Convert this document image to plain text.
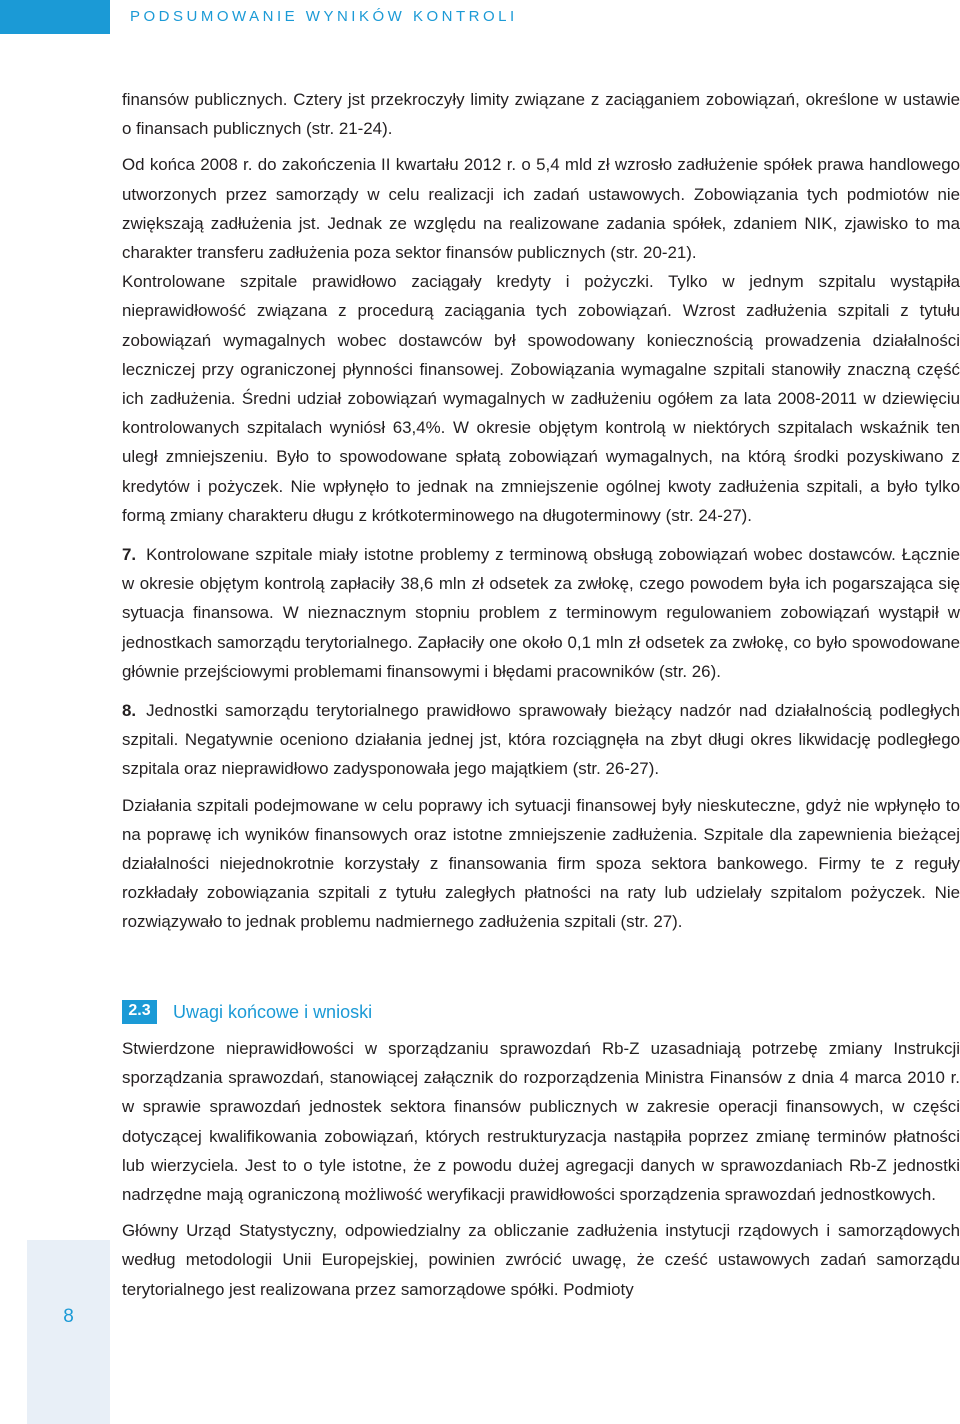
PODSUMOWANIE WYNIKÓW KONTROLI

finansów publicznych. Cztery jst przekroczyły limity związane z zaciąganiem zobowiązań, określone w ustawie o finansach publicznych (str. 21-24).

Od końca 2008 r. do zakończenia II kwartału 2012 r. o 5,4 mld zł wzrosło zadłużenie spółek prawa handlowego utworzonych przez samorządy w celu realizacji ich zadań ustawowych. Zobowiązania tych podmiotów nie zwiększają zadłużenia jst. Jednak ze względu na realizowane zadania spółek, zdaniem NIK, zjawisko to ma charakter transferu zadłużenia poza sektor finansów publicznych (str. 20-21).

Kontrolowane szpitale prawidłowo zaciągały kredyty i pożyczki. Tylko w jednym szpitalu wystąpiła nieprawidłowość związana z procedurą zaciągania tych zobowiązań. Wzrost zadłużenia szpitali z tytułu zobowiązań wymagalnych wobec dostawców był spowodowany koniecznością prowadzenia działalności leczniczej przy ograniczonej płynności finansowej. Zobowiązania wymagalne szpitali stanowiły znaczną część ich zadłużenia. Średni udział zobowiązań wymagalnych w zadłużeniu ogółem za lata 2008-2011 w dziewięciu kontrolowanych szpitalach wyniósł 63,4%. W okresie objętym kontrolą w niektórych szpitalach wskaźnik ten uległ zmniejszeniu. Było to spowodowane spłatą zobowiązań wymagalnych, na którą środki pozyskiwano z kredytów i pożyczek. Nie wpłynęło to jednak na zmniejszenie ogólnej kwoty zadłużenia szpitali, a było tylko formą zmiany charakteru długu z krótkoterminowego na długoterminowy (str. 24-27).

7. Kontrolowane szpitale miały istotne problemy z terminową obsługą zobowiązań wobec dostawców. Łącznie w okresie objętym kontrolą zapłaciły 38,6 mln zł odsetek za zwłokę, czego powodem była ich pogarszająca się sytuacja finansowa. W nieznacznym stopniu problem z terminowym regulowaniem zobowiązań wystąpił w jednostkach samorządu terytorialnego. Zapłaciły one około 0,1 mln zł odsetek za zwłokę, co było spowodowane głównie przejściowymi problemami finansowymi i błędami pracowników (str. 26).

8. Jednostki samorządu terytorialnego prawidłowo sprawowały bieżący nadzór nad działalnością podległych szpitali. Negatywnie oceniono działania jednej jst, która rozciągnęła na zbyt długi okres likwidację podległego szpitala oraz nieprawidłowo zadysponowała jego majątkiem (str. 26-27).

Działania szpitali podejmowane w celu poprawy ich sytuacji finansowej były nieskuteczne, gdyż nie wpłynęło to na poprawę ich wyników finansowych oraz istotne zmniejszenie zadłużenia. Szpitale dla zapewnienia bieżącej działalności niejednokrotnie korzystały z finansowania firm spoza sektora bankowego. Firmy te z reguły rozkładały zobowiązania szpitali z tytułu zaległych płatności na raty lub udzielały szpitalom pożyczek. Nie rozwiązywało to jednak problemu nadmiernego zadłużenia szpitali (str. 27).

2.3	Uwagi końcowe i wnioski

Stwierdzone nieprawidłowości w sporządzaniu sprawozdań Rb-Z uzasadniają potrzebę zmiany Instrukcji sporządzania sprawozdań, stanowiącej załącznik do rozporządzenia Ministra Finansów z dnia 4 marca 2010 r. w sprawie sprawozdań jednostek sektora finansów publicznych w zakresie operacji finansowych, w części dotyczącej kwalifikowania zobowiązań, których restrukturyzacja nastąpiła poprzez zmianę terminów płatności lub wierzyciela. Jest to o tyle istotne, że z powodu dużej agregacji danych w sprawozdaniach Rb-Z jednostki nadrzędne mają ograniczoną możliwość weryfikacji prawidłowości sporządzenia sprawozdań jednostkowych.

Główny Urząd Statystyczny, odpowiedzialny za obliczanie zadłużenia instytucji rządowych i samorządowych według metodologii Unii Europejskiej, powinien zwrócić uwagę, że cześć ustawowych zadań samorządu terytorialnego jest realizowana przez samorządowe spółki. Podmioty

8
